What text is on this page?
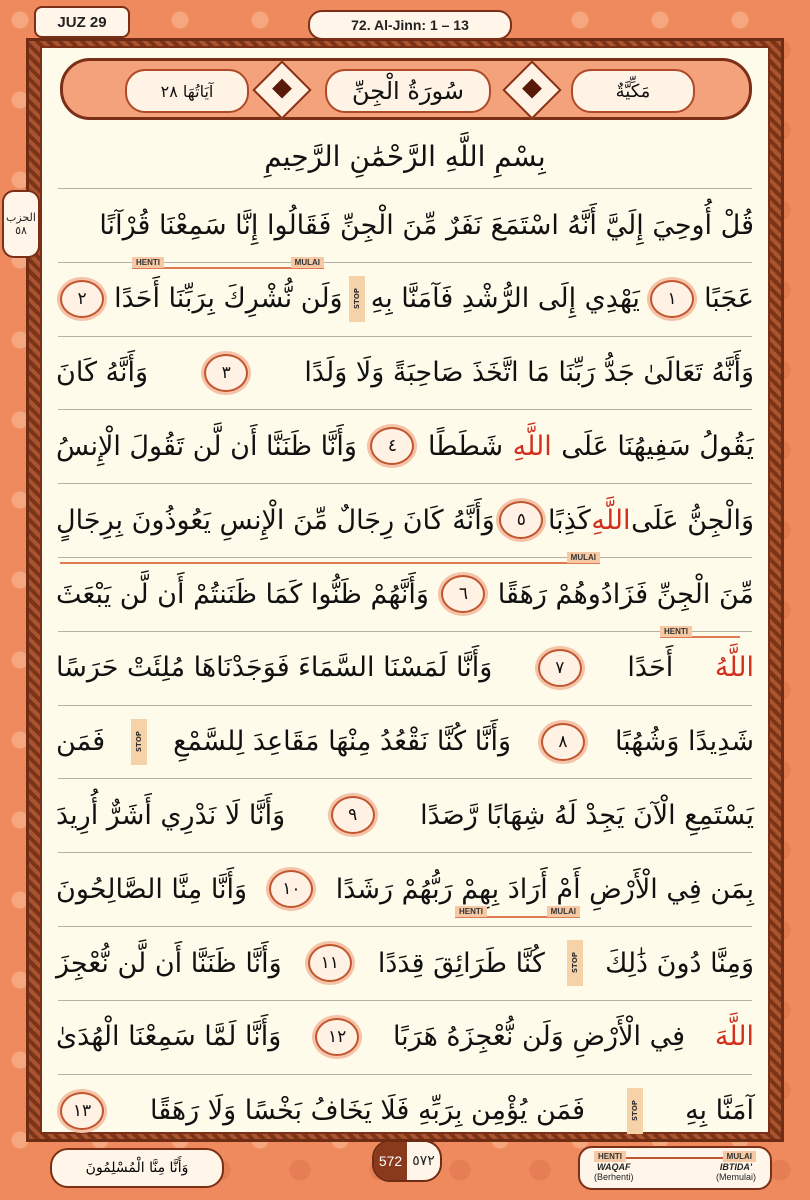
JUZ 29	72. Al-Jinn: 1 – 13
آيَاتُهَا ٢٨	سُورَةُ الْجِنِّ	مَكِّيَّةٌ
الحزب
٥٨
بِسْمِ اللَّهِ الرَّحْمَٰنِ الرَّحِيمِ
قُلْ أُوحِيَ إِلَيَّ أَنَّهُ اسْتَمَعَ نَفَرٌ مِّنَ الْجِنِّ فَقَالُوا إِنَّا سَمِعْنَا قُرْآنًا
عَجَبًا
١
يَهْدِي إِلَى الرُّشْدِ فَآمَنَّا بِهِ
STOP
وَلَن نُّشْرِكَ بِرَبِّنَا أَحَدًا
٢
وَأَنَّهُ تَعَالَىٰ جَدُّ رَبِّنَا مَا اتَّخَذَ صَاحِبَةً وَلَا وَلَدًا
٣
وَأَنَّهُ كَانَ
يَقُولُ سَفِيهُنَا عَلَى
اللَّهِ
شَطَطًا
٤
وَأَنَّا ظَنَنَّا أَن لَّن تَقُولَ الْإِنسُ
وَالْجِنُّ عَلَى
اللَّهِ
كَذِبًا
٥
وَأَنَّهُ كَانَ رِجَالٌ مِّنَ الْإِنسِ يَعُوذُونَ بِرِجَالٍ
مِّنَ الْجِنِّ فَزَادُوهُمْ رَهَقًا
٦
وَأَنَّهُمْ ظَنُّوا كَمَا ظَنَنتُمْ أَن لَّن يَبْعَثَ
اللَّهُ
أَحَدًا
٧
وَأَنَّا لَمَسْنَا السَّمَاءَ فَوَجَدْنَاهَا مُلِئَتْ حَرَسًا
شَدِيدًا وَشُهُبًا
٨
وَأَنَّا كُنَّا نَقْعُدُ مِنْهَا مَقَاعِدَ لِلسَّمْعِ
STOP
فَمَن
يَسْتَمِعِ الْآنَ يَجِدْ لَهُ شِهَابًا رَّصَدًا
٩
وَأَنَّا لَا نَدْرِي أَشَرٌّ أُرِيدَ
بِمَن فِي الْأَرْضِ أَمْ أَرَادَ بِهِمْ رَبُّهُمْ رَشَدًا
١٠
وَأَنَّا مِنَّا الصَّالِحُونَ
وَمِنَّا دُونَ ذَٰلِكَ
STOP
كُنَّا طَرَائِقَ قِدَدًا
١١
وَأَنَّا ظَنَنَّا أَن لَّن نُّعْجِزَ
اللَّهَ
فِي الْأَرْضِ وَلَن نُّعْجِزَهُ هَرَبًا
١٢
وَأَنَّا لَمَّا سَمِعْنَا الْهُدَىٰ
آمَنَّا بِهِ
STOP
فَمَن يُؤْمِن بِرَبِّهِ فَلَا يَخَافُ بَخْسًا وَلَا رَهَقًا
١٣
HENTI	MULAI
MULAI
HENTI
HENTI	MULAI
وَأَنَّا مِنَّا الْمُسْلِمُونَ	572 ٥٧٢	HENTI	MULAI
WAQAF
(Berhenti)
IBTIDA'
(Memulai)
